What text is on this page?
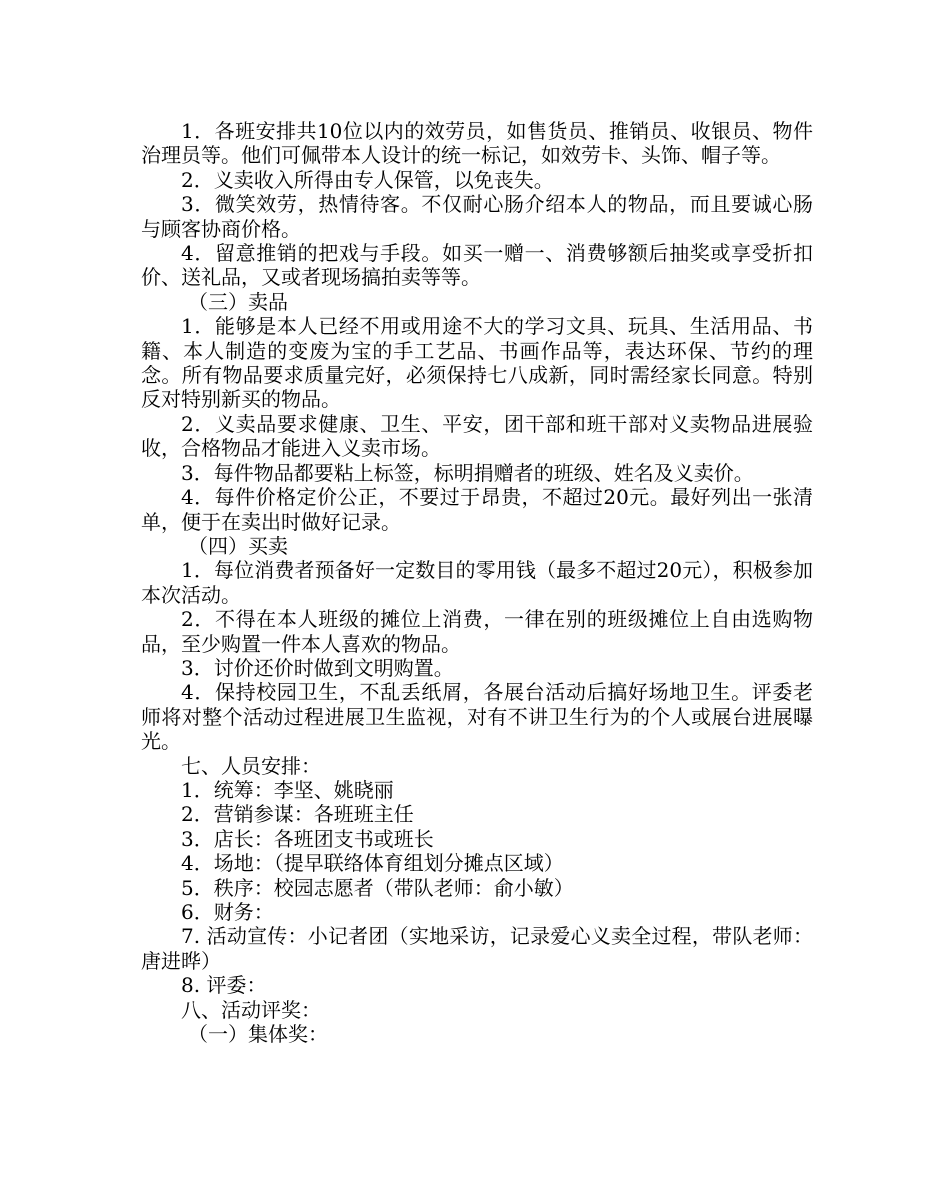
1．各班安排共10位以内的效劳员，如售货员、推销员、收银员、物件治理员等。他们可佩带本人设计的统一标记，如效劳卡、头饰、帽子等。

2．义卖收入所得由专人保管，以免丧失。

3．微笑效劳，热情待客。不仅耐心肠介绍本人的物品，而且要诚心肠与顾客协商价格。

4．留意推销的把戏与手段。如买一赠一、消费够额后抽奖或享受折扣价、送礼品，又或者现场搞拍卖等等。

（三）卖品

1．能够是本人已经不用或用途不大的学习文具、玩具、生活用品、书籍、本人制造的变废为宝的手工艺品、书画作品等，表达环保、节约的理念。所有物品要求质量完好，必须保持七八成新，同时需经家长同意。特别反对特别新买的物品。

2．义卖品要求健康、卫生、平安，团干部和班干部对义卖物品进展验收，合格物品才能进入义卖市场。

3．每件物品都要粘上标签，标明捐赠者的班级、姓名及义卖价。

4．每件价格定价公正，不要过于昂贵，不超过20元。最好列出一张清单，便于在卖出时做好记录。

（四）买卖

1．每位消费者预备好一定数目的零用钱（最多不超过20元），积极参加本次活动。

2．不得在本人班级的摊位上消费，一律在别的班级摊位上自由选购物品，至少购置一件本人喜欢的物品。

3．讨价还价时做到文明购置。

4．保持校园卫生，不乱丢纸屑，各展台活动后搞好场地卫生。评委老师将对整个活动过程进展卫生监视，对有不讲卫生行为的个人或展台进展曝光。

七、人员安排：

1．统筹：李坚、姚晓丽

2．营销参谋：各班班主任

3．店长：各班团支书或班长

4．场地：（提早联络体育组划分摊点区域）

5．秩序：校园志愿者（带队老师：俞小敏）

6．财务：

7. 活动宣传：小记者团（实地采访，记录爱心义卖全过程，带队老师：唐进晔）

8. 评委：

八、活动评奖：

（一）集体奖：
